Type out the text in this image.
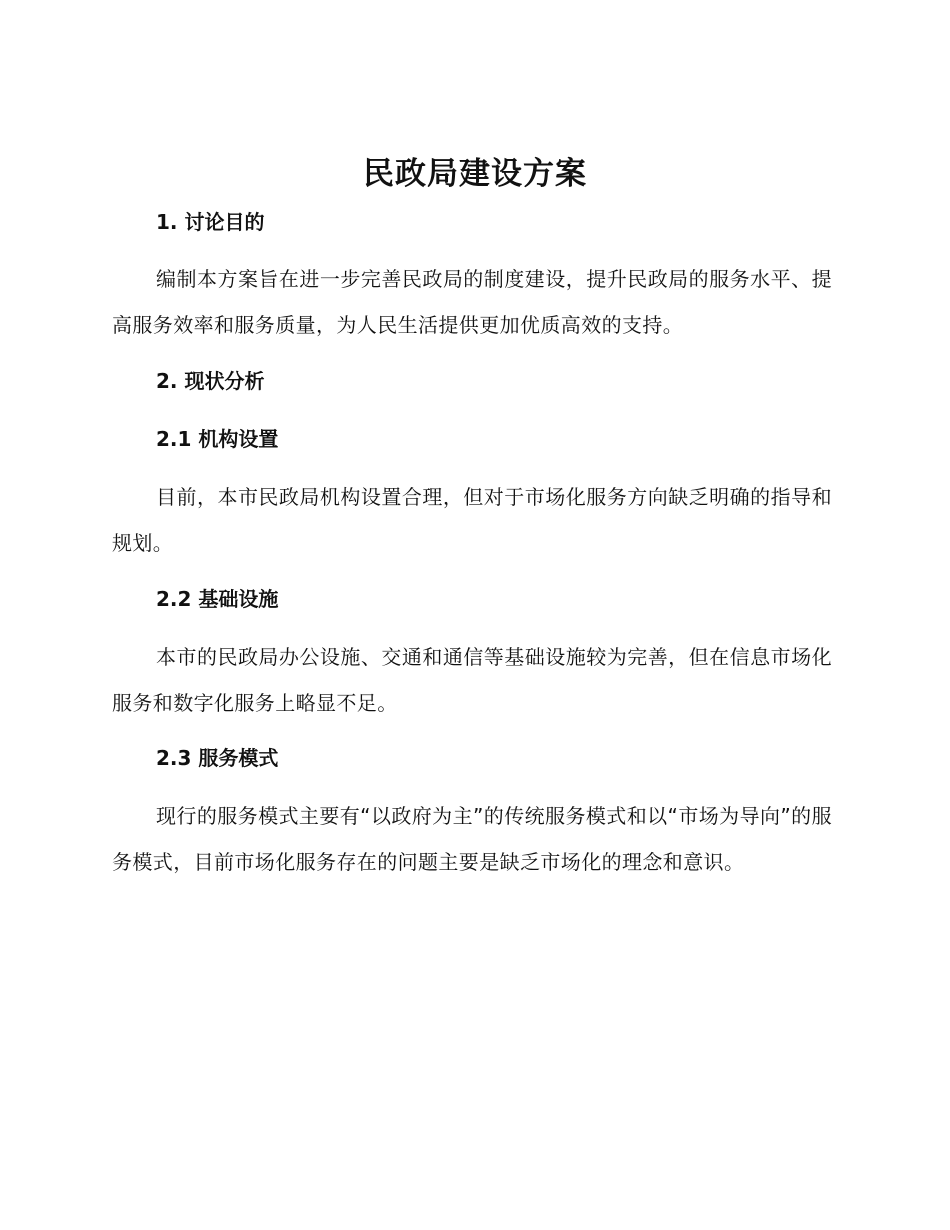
民政局建设方案
1. 讨论目的

编制本方案旨在进一步完善民政局的制度建设，提升民政局的服务水平、提高服务效率和服务质量，为人民生活提供更加优质高效的支持。

2. 现状分析
2.1 机构设置

目前，本市民政局机构设置合理，但对于市场化服务方向缺乏明确的指导和规划。

2.2 基础设施

本市的民政局办公设施、交通和通信等基础设施较为完善，但在信息市场化服务和数字化服务上略显不足。

2.3 服务模式

现行的服务模式主要有“以政府为主”的传统服务模式和以“市场为导向”的服务模式，目前市场化服务存在的问题主要是缺乏市场化的理念和意识。
